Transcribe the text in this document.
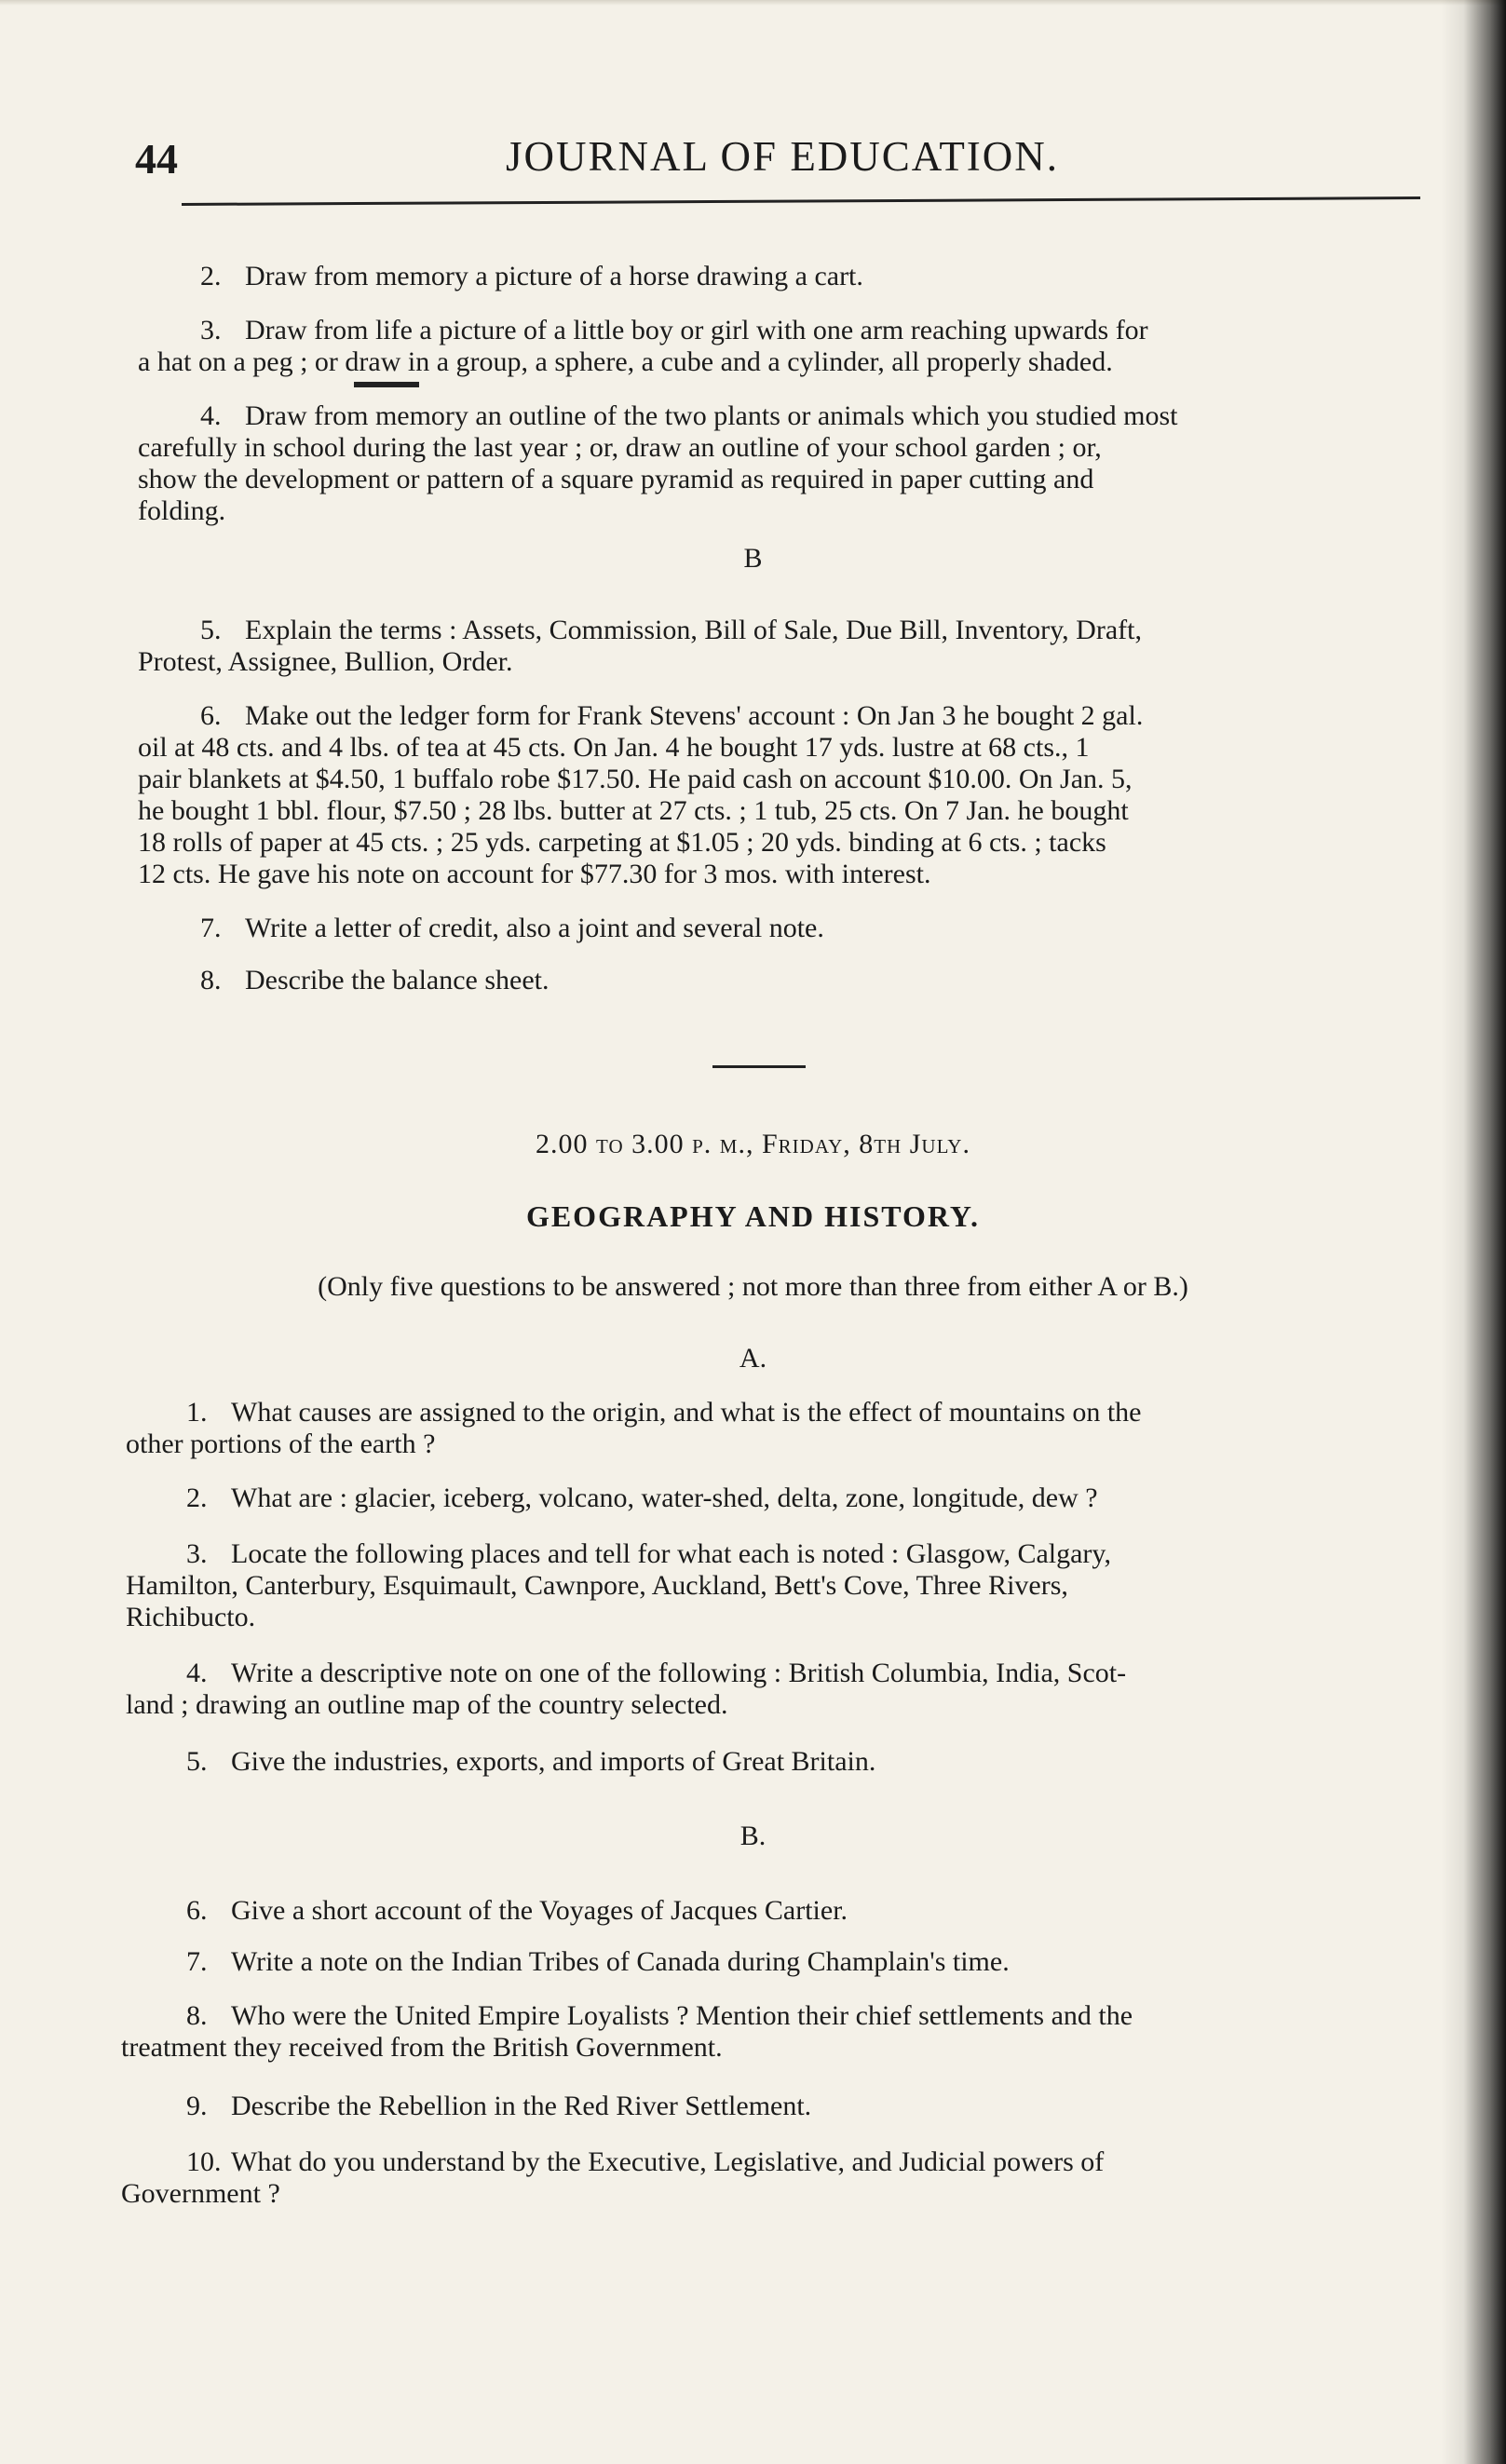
44	JOURNAL OF EDUCATION.
2. Draw from memory a picture of a horse drawing a cart.
3. Draw from life a picture of a little boy or girl with one arm reaching upwards for
a hat on a peg ; or draw in a group, a sphere, a cube and a cylinder, all properly shaded.
4. Draw from memory an outline of the two plants or animals which you studied most
carefully in school during the last year ; or, draw an outline of your school garden ; or,
show the development or pattern of a square pyramid as required in paper cutting and
folding.
B
5. Explain the terms : Assets, Commission, Bill of Sale, Due Bill, Inventory, Draft,
Protest, Assignee, Bullion, Order.
6. Make out the ledger form for Frank Stevens' account : On Jan 3 he bought 2 gal.
oil at 48 cts. and 4 lbs. of tea at 45 cts. On Jan. 4 he bought 17 yds. lustre at 68 cts., 1
pair blankets at $4.50, 1 buffalo robe $17.50. He paid cash on account $10.00. On Jan. 5,
he bought 1 bbl. flour, $7.50 ; 28 lbs. butter at 27 cts. ; 1 tub, 25 cts. On 7 Jan. he bought
18 rolls of paper at 45 cts. ; 25 yds. carpeting at $1.05 ; 20 yds. binding at 6 cts. ; tacks
12 cts. He gave his note on account for $77.30 for 3 mos. with interest.
7. Write a letter of credit, also a joint and several note.
8. Describe the balance sheet.
2.00 to 3.00 p. m., Friday, 8th July.
GEOGRAPHY AND HISTORY.
(Only five questions to be answered ; not more than three from either A or B.)
A.
1. What causes are assigned to the origin, and what is the effect of mountains on the
other portions of the earth ?
2. What are : glacier, iceberg, volcano, water-shed, delta, zone, longitude, dew ?
3. Locate the following places and tell for what each is noted : Glasgow, Calgary,
Hamilton, Canterbury, Esquimault, Cawnpore, Auckland, Bett's Cove, Three Rivers,
Richibucto.
4. Write a descriptive note on one of the following : British Columbia, India, Scot-
land ; drawing an outline map of the country selected.
5. Give the industries, exports, and imports of Great Britain.
B.
6. Give a short account of the Voyages of Jacques Cartier.
7. Write a note on the Indian Tribes of Canada during Champlain's time.
8. Who were the United Empire Loyalists ? Mention their chief settlements and the
treatment they received from the British Government.
9. Describe the Rebellion in the Red River Settlement.
10. What do you understand by the Executive, Legislative, and Judicial powers of
Government ?
